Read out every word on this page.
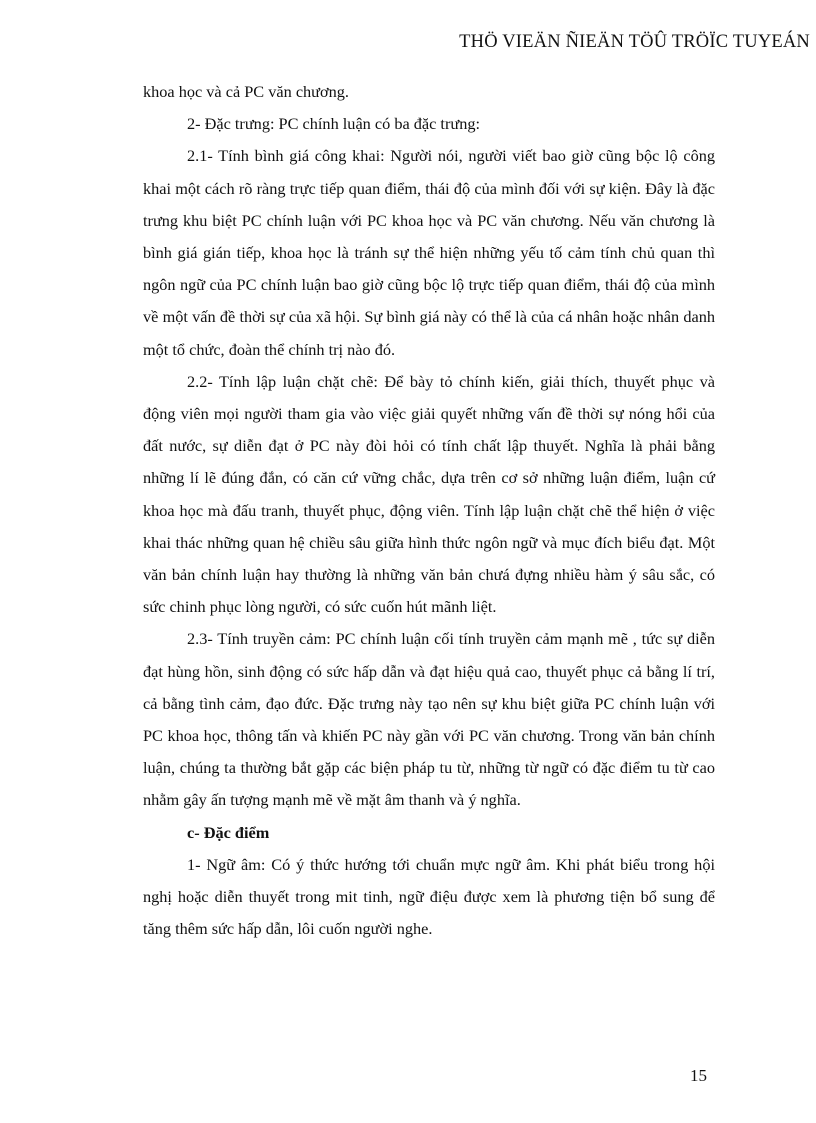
THÖ VIEÄN ÑIEÄN TÖÛ TRÖÏC TUYEÁN

khoa học và cả PC văn chương.

2- Đặc trưng: PC chính luận có ba đặc trưng:

2.1- Tính bình giá công khai: Người nói, người viết bao giờ cũng bộc lộ công khai một cách rõ ràng trực tiếp quan điểm, thái độ của mình đối với sự kiện. Đây là đặc trưng khu biệt PC chính luận với PC khoa học và PC văn chương. Nếu văn chương là bình giá gián tiếp, khoa học là tránh sự thể hiện những yếu tố cảm tính chủ quan thì ngôn ngữ của PC chính luận bao giờ cũng bộc lộ trực tiếp quan điểm, thái độ của mình về một vấn đề thời sự của xã hội. Sự bình giá này có thể là của cá nhân hoặc nhân danh một tổ chức, đoàn thể chính trị nào đó.

2.2- Tính lập luận chặt chẽ: Để bày tỏ chính kiến, giải thích, thuyết phục và động viên mọi người tham gia vào việc giải quyết những vấn đề thời sự nóng hổi của đất nước, sự diễn đạt ở PC này đòi hỏi có tính chất lập thuyết. Nghĩa là phải bằng những lí lẽ đúng đắn, có căn cứ vững chắc, dựa trên cơ sở những luận điểm, luận cứ khoa học mà đấu tranh, thuyết phục, động viên. Tính lập luận chặt chẽ thể hiện ở việc khai thác những quan hệ chiều sâu giữa hình thức ngôn ngữ và mục đích biểu đạt. Một văn bản chính luận hay thường là những văn bản chưá đựng nhiều hàm ý sâu sắc, có sức chinh phục lòng người, có sức cuốn hút mãnh liệt.

2.3- Tính truyền cảm: PC chính luận cối tính truyền cảm mạnh mẽ , tức sự diễn đạt hùng hồn, sinh động có sức hấp dẫn và đạt hiệu quả cao, thuyết phục cả bằng lí trí, cả bằng tình cảm, đạo đức. Đặc trưng này tạo nên sự khu biệt giữa PC chính luận với PC khoa học, thông tấn và khiến PC này gần với PC văn chương. Trong văn bản chính luận, chúng ta thường bắt gặp các biện pháp tu từ, những từ ngữ có đặc điểm tu từ cao nhằm gây ấn tượng mạnh mẽ về mặt âm thanh và ý nghĩa.

c- Đặc điểm

1- Ngữ âm: Có ý thức hướng tới chuẩn mực ngữ âm. Khi phát biểu trong hội nghị hoặc diễn thuyết trong mit tinh, ngữ điệu được xem là phương tiện bổ sung để tăng thêm sức hấp dẫn, lôi cuốn người nghe.

15
